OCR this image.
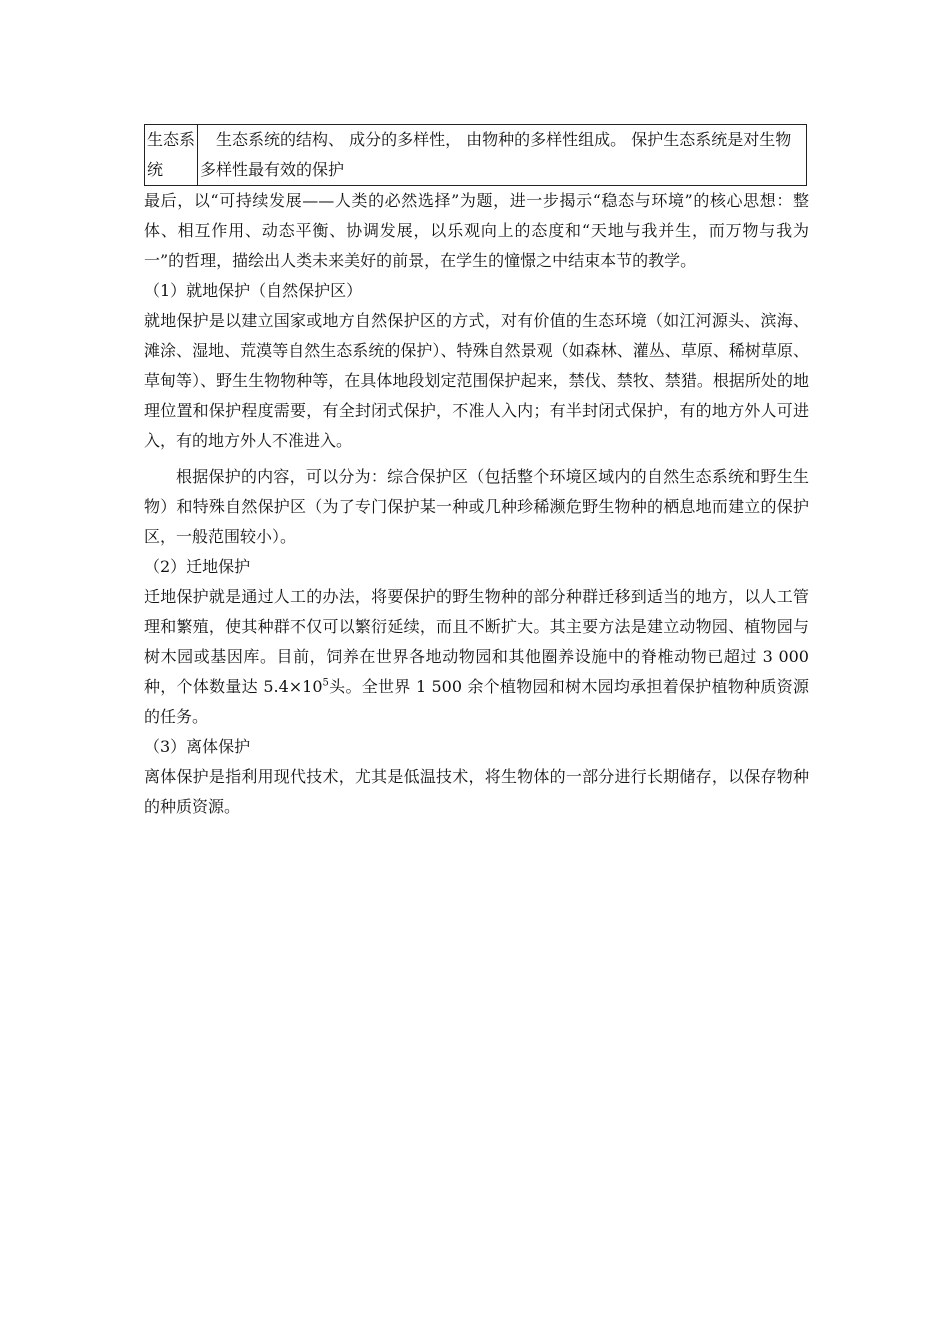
生态系统	　生态系统的结构、 成分的多样性， 由物种的多样性组成。 保护生态系统是对生物多样性最有效的保护

最后，以“可持续发展——人类的必然选择”为题，进一步揭示“稳态与环境”的核心思想：整体、相互作用、动态平衡、协调发展，以乐观向上的态度和“天地与我并生，而万物与我为一”的哲理，描绘出人类未来美好的前景，在学生的憧憬之中结束本节的教学。

（1）就地保护（自然保护区）

就地保护是以建立国家或地方自然保护区的方式，对有价值的生态环境（如江河源头、滨海、滩涂、湿地、荒漠等自然生态系统的保护）、特殊自然景观（如森林、灌丛、草原、稀树草原、草甸等）、野生生物物种等，在具体地段划定范围保护起来，禁伐、禁牧、禁猎。根据所处的地理位置和保护程度需要，有全封闭式保护，不准人入内；有半封闭式保护，有的地方外人可进入，有的地方外人不准进入。

根据保护的内容，可以分为：综合保护区（包括整个环境区域内的自然生态系统和野生生物）和特殊自然保护区（为了专门保护某一种或几种珍稀濒危野生物种的栖息地而建立的保护区，一般范围较小）。

（2）迁地保护

迁地保护就是通过人工的办法，将要保护的野生物种的部分种群迁移到适当的地方，以人工管理和繁殖，使其种群不仅可以繁衍延续，而且不断扩大。其主要方法是建立动物园、植物园与树木园或基因库。目前，饲养在世界各地动物园和其他圈养设施中的脊椎动物已超过 3 000 种，个体数量达 $5.4\times 10^5$头。全世界 1 500 余个植物园和树木园均承担着保护植物种质资源的任务。

（3）离体保护

离体保护是指利用现代技术，尤其是低温技术，将生物体的一部分进行长期储存，以保存物种的种质资源。
